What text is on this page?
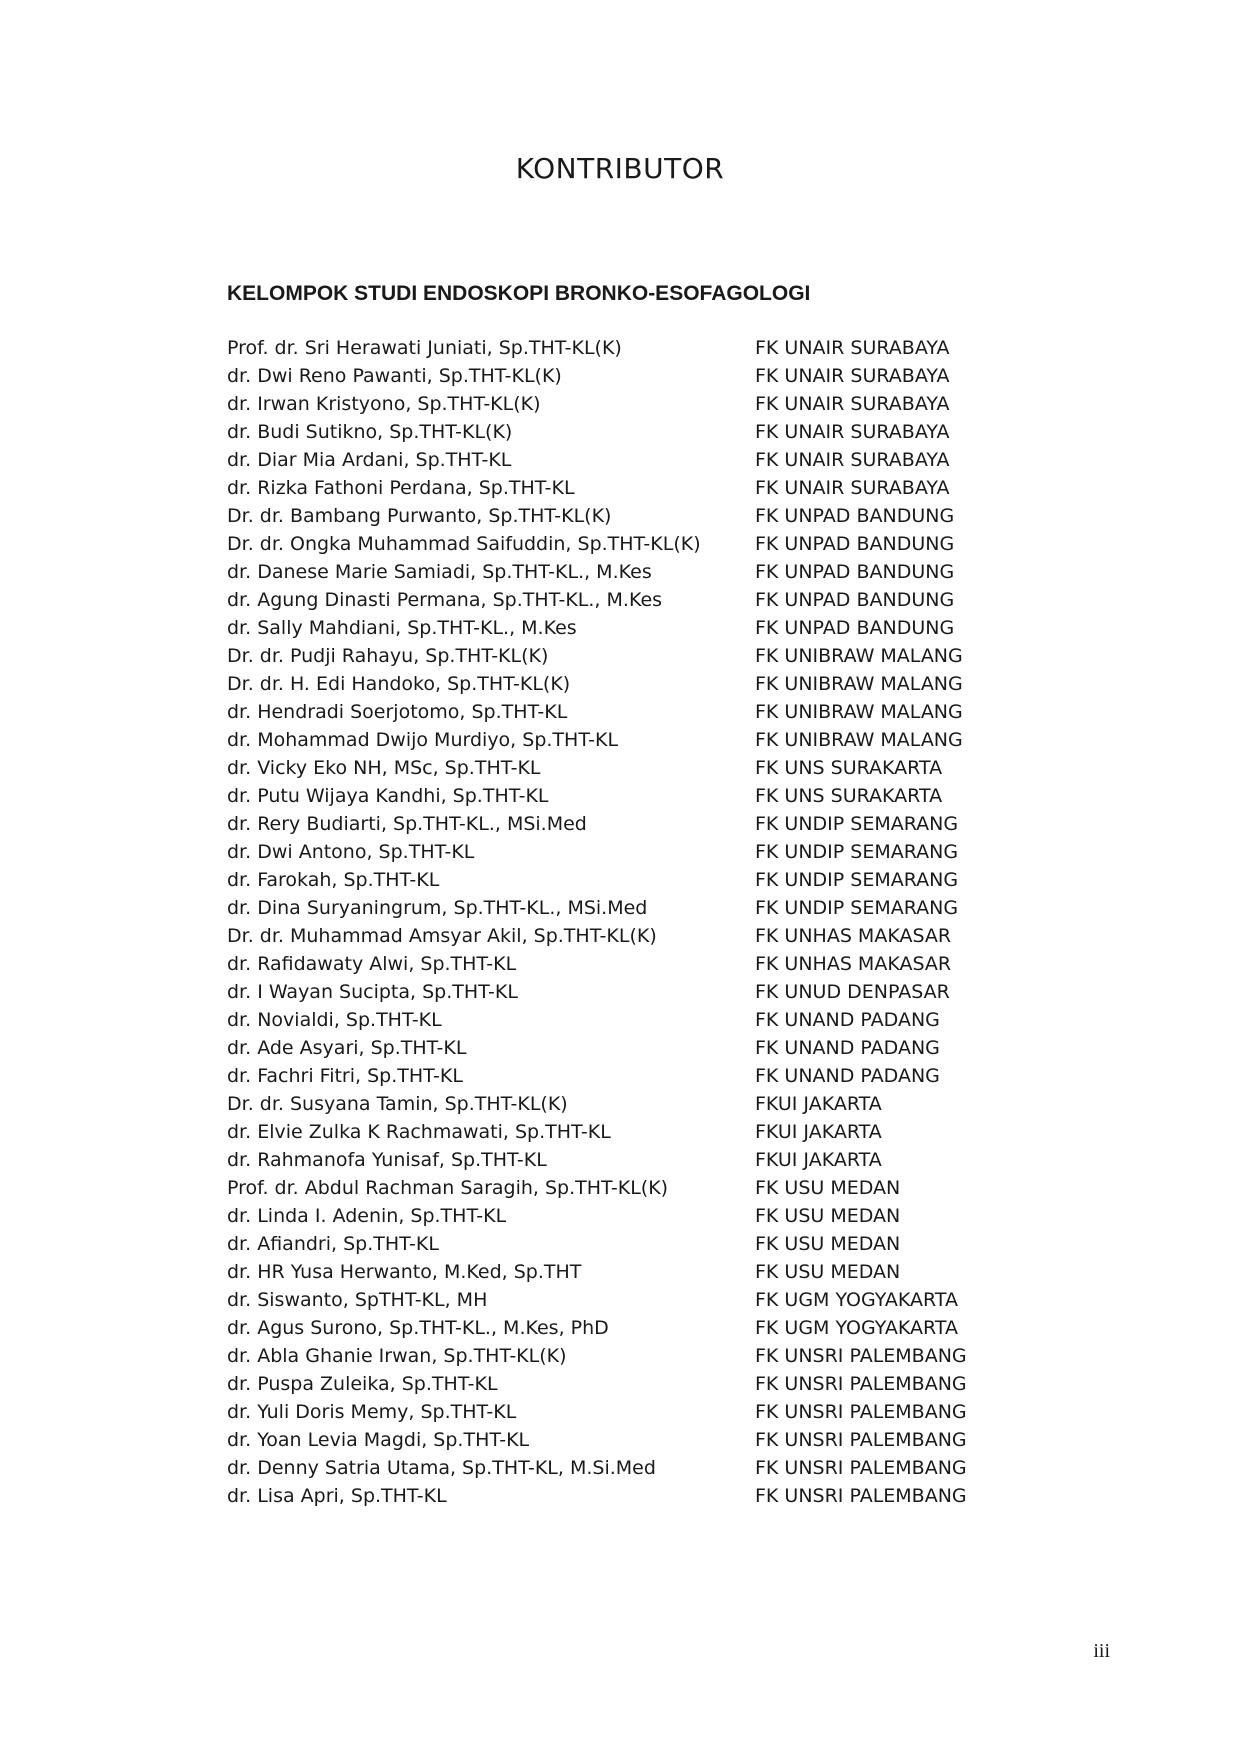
KONTRIBUTOR
KELOMPOK STUDI ENDOSKOPI BRONKO-ESOFAGOLOGI
Prof. dr. Sri Herawati Juniati, Sp.THT-KL(K)	FK UNAIR SURABAYA
dr. Dwi Reno Pawanti, Sp.THT-KL(K)	FK UNAIR SURABAYA
dr. Irwan Kristyono, Sp.THT-KL(K)	FK UNAIR SURABAYA
dr. Budi Sutikno, Sp.THT-KL(K)	FK UNAIR SURABAYA
dr. Diar Mia Ardani, Sp.THT-KL	FK UNAIR SURABAYA
dr. Rizka Fathoni Perdana, Sp.THT-KL	FK UNAIR SURABAYA
Dr. dr. Bambang Purwanto, Sp.THT-KL(K)	FK UNPAD BANDUNG
Dr. dr. Ongka Muhammad Saifuddin, Sp.THT-KL(K)	FK UNPAD BANDUNG
dr. Danese Marie Samiadi, Sp.THT-KL., M.Kes	FK UNPAD BANDUNG
dr. Agung Dinasti Permana, Sp.THT-KL., M.Kes	FK UNPAD BANDUNG
dr. Sally Mahdiani, Sp.THT-KL., M.Kes	FK UNPAD BANDUNG
Dr. dr. Pudji Rahayu, Sp.THT-KL(K)	FK UNIBRAW MALANG
Dr. dr. H. Edi Handoko, Sp.THT-KL(K)	FK UNIBRAW MALANG
dr. Hendradi Soerjotomo, Sp.THT-KL	FK UNIBRAW MALANG
dr. Mohammad Dwijo Murdiyo, Sp.THT-KL	FK UNIBRAW MALANG
dr. Vicky Eko NH, MSc, Sp.THT-KL	FK UNS SURAKARTA
dr. Putu Wijaya Kandhi, Sp.THT-KL	FK UNS SURAKARTA
dr. Rery Budiarti, Sp.THT-KL., MSi.Med	FK UNDIP SEMARANG
dr. Dwi Antono, Sp.THT-KL	FK UNDIP SEMARANG
dr. Farokah, Sp.THT-KL	FK UNDIP SEMARANG
dr. Dina Suryaningrum, Sp.THT-KL., MSi.Med	FK UNDIP SEMARANG
Dr. dr. Muhammad Amsyar Akil, Sp.THT-KL(K)	FK UNHAS MAKASAR
dr. Rafidawaty Alwi, Sp.THT-KL	FK UNHAS MAKASAR
dr. I Wayan Sucipta, Sp.THT-KL	FK UNUD DENPASAR
dr. Novialdi, Sp.THT-KL	FK UNAND PADANG
dr. Ade Asyari, Sp.THT-KL	FK UNAND PADANG
dr. Fachri Fitri, Sp.THT-KL	FK UNAND PADANG
Dr. dr. Susyana Tamin, Sp.THT-KL(K)	FKUI JAKARTA
dr. Elvie Zulka K Rachmawati, Sp.THT-KL	FKUI JAKARTA
dr. Rahmanofa Yunisaf, Sp.THT-KL	FKUI JAKARTA
Prof. dr. Abdul Rachman Saragih, Sp.THT-KL(K)	FK USU MEDAN
dr. Linda I. Adenin, Sp.THT-KL	FK USU MEDAN
dr. Afiandri, Sp.THT-KL	FK USU MEDAN
dr. HR Yusa Herwanto, M.Ked, Sp.THT	FK USU MEDAN
dr. Siswanto, SpTHT-KL, MH	FK UGM YOGYAKARTA
dr. Agus Surono, Sp.THT-KL., M.Kes, PhD	FK UGM YOGYAKARTA
dr. Abla Ghanie Irwan, Sp.THT-KL(K)	FK UNSRI PALEMBANG
dr. Puspa Zuleika, Sp.THT-KL	FK UNSRI PALEMBANG
dr. Yuli Doris Memy, Sp.THT-KL	FK UNSRI PALEMBANG
dr. Yoan Levia Magdi, Sp.THT-KL	FK UNSRI PALEMBANG
dr. Denny Satria Utama, Sp.THT-KL, M.Si.Med	FK UNSRI PALEMBANG
dr. Lisa Apri, Sp.THT-KL	FK UNSRI PALEMBANG
iii
